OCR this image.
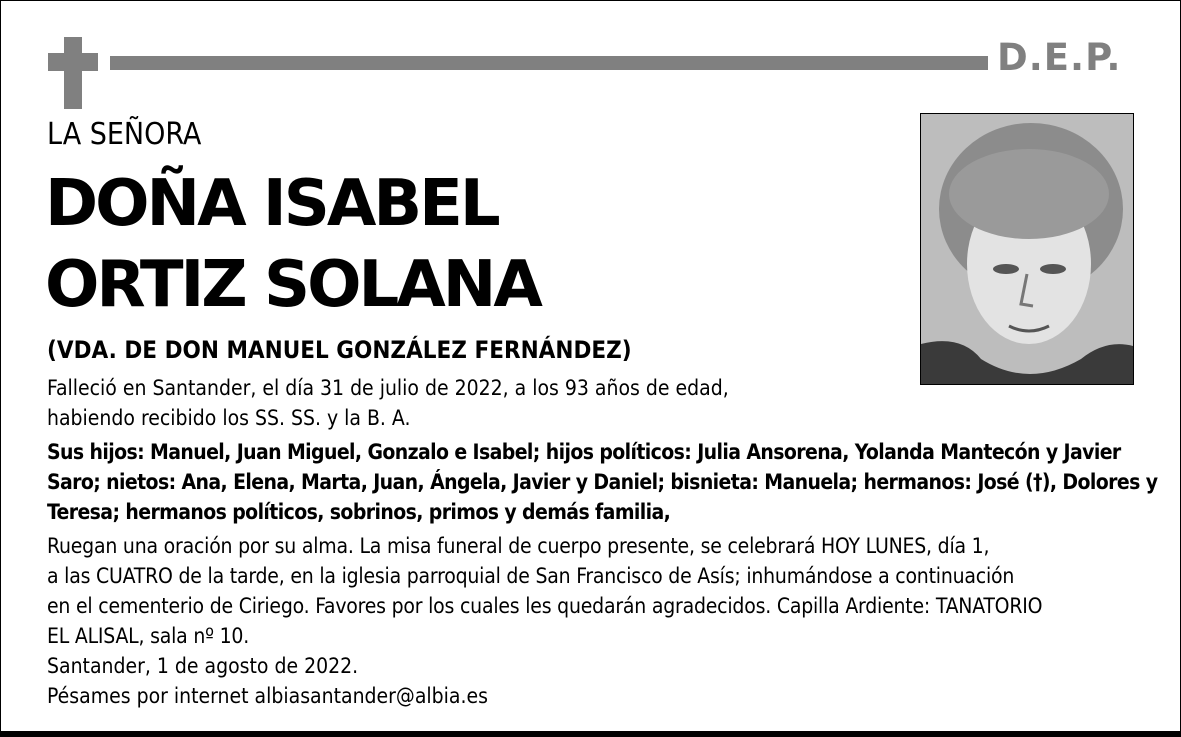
D.E.P.
LA SEÑORA
DOÑA ISABEL
ORTIZ SOLANA
(VDA. DE DON MANUEL GONZÁLEZ FERNÁNDEZ)
Falleció en Santander, el día 31 de julio de 2022, a los 93 años de edad,
habiendo recibido los SS. SS. y la B. A.
Sus hijos: Manuel, Juan Miguel, Gonzalo e Isabel; hijos políticos: Julia Ansorena, Yolanda Mantecón y Javier
Saro; nietos: Ana, Elena, Marta, Juan, Ángela, Javier y Daniel; bisnieta: Manuela; hermanos: José (†), Dolores y
Teresa; hermanos políticos, sobrinos, primos y demás familia,
Ruegan una oración por su alma. La misa funeral de cuerpo presente, se celebrará HOY LUNES, día 1,
a las CUATRO de la tarde, en la iglesia parroquial de San Francisco de Asís; inhumándose a continuación
en el cementerio de Ciriego. Favores por los cuales les quedarán agradecidos. Capilla Ardiente: TANATORIO
EL ALISAL, sala nº 10.
Santander, 1 de agosto de 2022.
Pésames por internet albiasantander@albia.es
